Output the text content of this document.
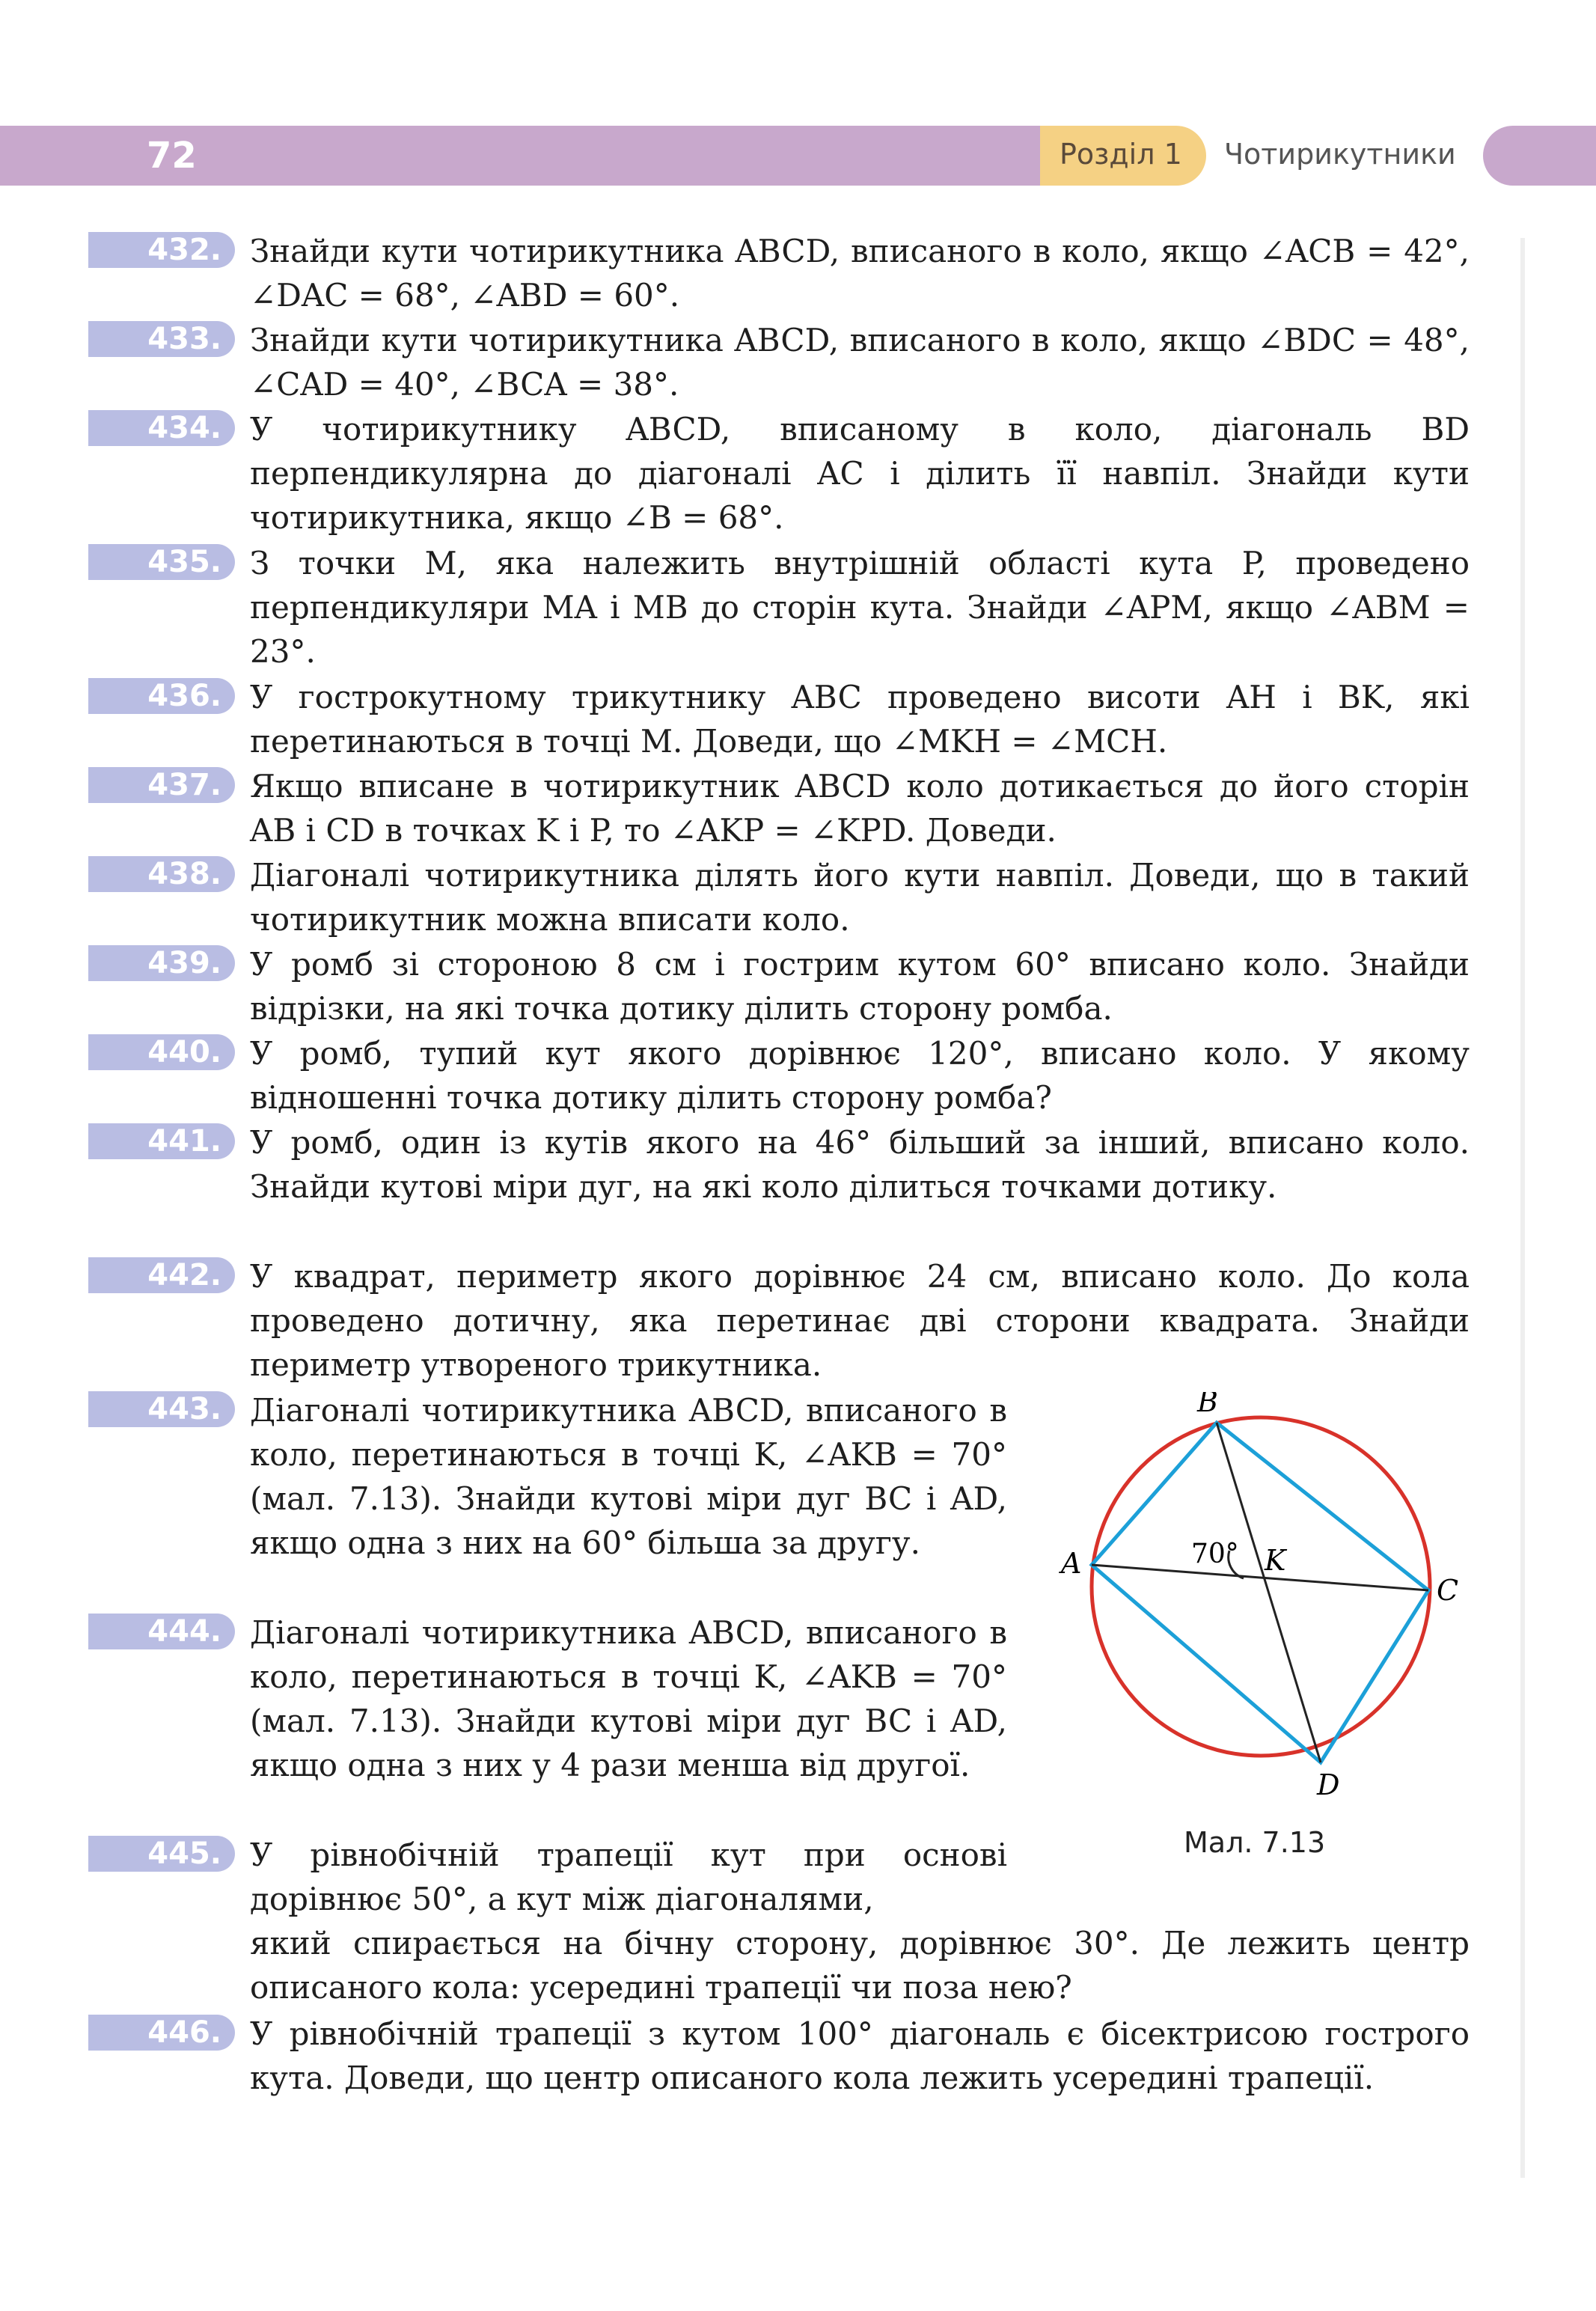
72	Розділ 1 Чотирикутники
432. Знайди кути чотирикутника ABCD, вписаного в коло, якщо ∠ACB = 42°, ∠DAC = 68°, ∠ABD = 60°.
433. Знайди кути чотирикутника ABCD, вписаного в коло, якщо ∠BDC = 48°, ∠CAD = 40°, ∠BCA = 38°.
434. У чотирикутнику ABCD, вписаному в коло, діагональ BD перпендикулярна до діагоналі AC і ділить її навпіл. Знайди кути чотирикутника, якщо ∠B = 68°.
435. З точки M, яка належить внутрішній області кута P, проведено перпендикуляри MA і MB до сторін кута. Знайди ∠APM, якщо ∠ABM = 23°.
436. У гострокутному трикутнику ABC проведено висоти AH і BK, які перетинаються в точці M. Доведи, що ∠MKH = ∠MCH.
437. Якщо вписане в чотирикутник ABCD коло дотикається до його сторін AB і CD в точках K і P, то ∠AKP = ∠KPD. Доведи.
438. Діагоналі чотирикутника ділять його кути навпіл. Доведи, що в такий чотирикутник можна вписати коло.
439. У ромб зі стороною 8 см і гострим кутом 60° вписано коло. Знайди відрізки, на які точка дотику ділить сторону ромба.
440. У ромб, тупий кут якого дорівнює 120°, вписано коло. У якому відношенні точка дотику ділить сторону ромба?
441. У ромб, один із кутів якого на 46° більший за інший, вписано коло. Знайди кутові міри дуг, на які коло ділиться точками дотику.
442. У квадрат, периметр якого дорівнює 24 см, вписано коло. До кола проведено дотичну, яка перетинає дві сторони квадрата. Знайди периметр утвореного трикутника.
443. Діагоналі чотирикутника ABCD, вписаного в коло, перетинаються в точці K, ∠AKB = 70° (мал. 7.13). Знайди кутові міри дуг BC і AD, якщо одна з них на 60° більша за другу.
444. Діагоналі чотирикутника ABCD, вписаного в коло, перетинаються в точці K, ∠AKB = 70° (мал. 7.13). Знайди кутові міри дуг BC і AD, якщо одна з них у 4 рази менша від другої.
445. У рівнобічній трапеції кут при основі дорівнює 50°, а кут між діагоналями,
який спирається на бічну сторону, дорівнює 30°. Де лежить центр описаного кола: усередині трапеції чи поза нею?
446. У рівнобічній трапеції з кутом 100° діагональ є бісектрисою гострого кута. Доведи, що центр описаного кола лежить усередині трапеції.
A
B
C
D
K
70°
Мал. 7.13
